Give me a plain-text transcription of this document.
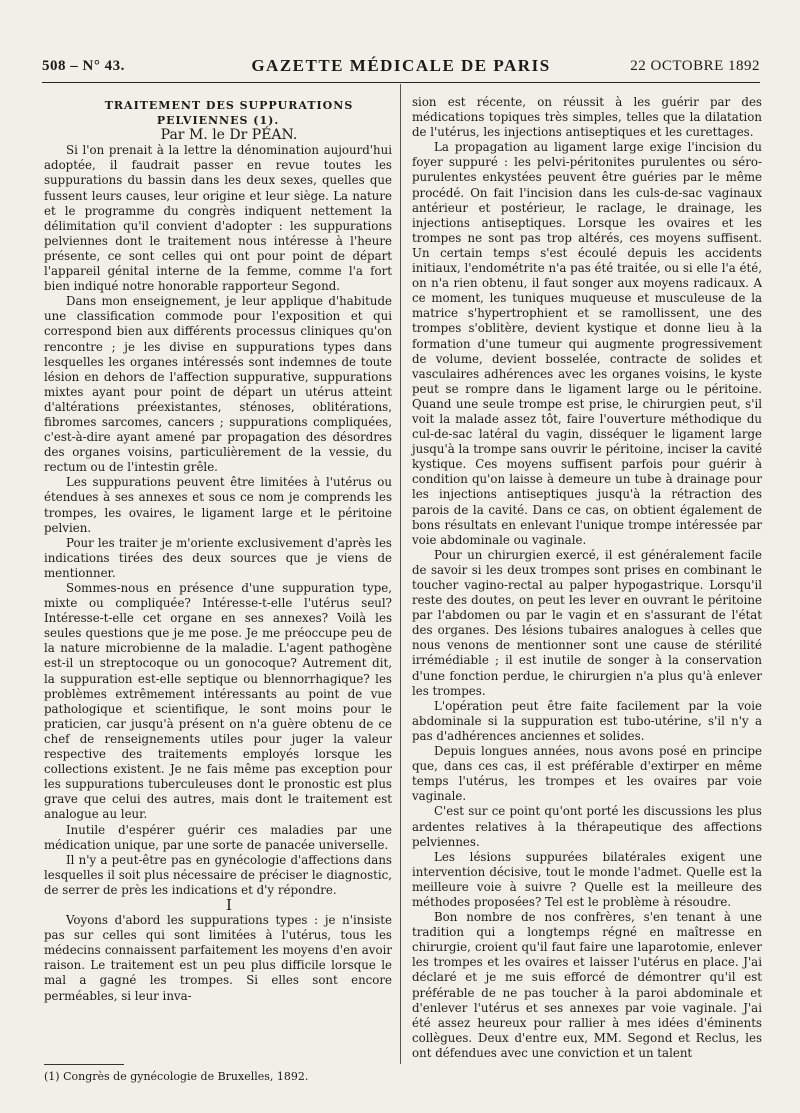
508 – N° 43.	GAZETTE MÉDICALE DE PARIS	22 OCTOBRE 1892

TRAITEMENT DES SUPPURATIONS PELVIENNES (1).

Par M. le Dr PÉAN.

Si l'on prenait à la lettre la dénomination aujourd'hui adoptée, il faudrait passer en revue toutes les suppurations du bassin dans les deux sexes, quelles que fussent leurs causes, leur origine et leur siège. La nature et le programme du congrès indiquent nettement la délimitation qu'il convient d'adopter : les suppurations pelviennes dont le traitement nous intéresse à l'heure présente, ce sont celles qui ont pour point de départ l'appareil génital interne de la femme, comme l'a fort bien indiqué notre honorable rapporteur Segond.

Dans mon enseignement, je leur applique d'habitude une classification commode pour l'exposition et qui correspond bien aux différents processus cliniques qu'on rencontre ; je les divise en suppurations types dans lesquelles les organes intéressés sont indemnes de toute lésion en dehors de l'affection suppurative, suppurations mixtes ayant pour point de départ un utérus atteint d'altérations préexistantes, sténoses, oblitérations, fibromes sarcomes, cancers ; suppurations compliquées, c'est-à-dire ayant amené par propagation des désordres des organes voisins, particulièrement de la vessie, du rectum ou de l'intestin grêle.

Les suppurations peuvent être limitées à l'utérus ou étendues à ses annexes et sous ce nom je comprends les trompes, les ovaires, le ligament large et le péritoine pelvien.

Pour les traiter je m'oriente exclusivement d'après les indications tirées des deux sources que je viens de mentionner.

Sommes-nous en présence d'une suppuration type, mixte ou compliquée? Intéresse-t-elle l'utérus seul? Intéresse-t-elle cet organe en ses annexes? Voilà les seules questions que je me pose. Je me préoccupe peu de la nature microbienne de la maladie. L'agent pathogène est-il un streptocoque ou un gonocoque? Autrement dit, la suppuration est-elle septique ou blennorrhagique? les problèmes extrêmement intéressants au point de vue pathologique et scientifique, le sont moins pour le praticien, car jusqu'à présent on n'a guère obtenu de ce chef de renseignements utiles pour juger la valeur respective des traitements employés lorsque les collections existent. Je ne fais même pas exception pour les suppurations tuberculeuses dont le pronostic est plus grave que celui des autres, mais dont le traitement est analogue au leur.

Inutile d'espérer guérir ces maladies par une médication unique, par une sorte de panacée universelle.

Il n'y a peut-être pas en gynécologie d'affections dans lesquelles il soit plus nécessaire de préciser le diagnostic, de serrer de près les indications et d'y répondre.

I

Voyons d'abord les suppurations types : je n'insiste pas sur celles qui sont limitées à l'utérus, tous les médecins connaissent parfaitement les moyens d'en avoir raison. Le traitement est un peu plus difficile lorsque le mal a gagné les trompes. Si elles sont encore perméables, si leur inva-

sion est récente, on réussit à les guérir par des médications topiques très simples, telles que la dilatation de l'utérus, les injections antiseptiques et les curettages.

La propagation au ligament large exige l'incision du foyer suppuré : les pelvi-péritonites purulentes ou séro-purulentes enkystées peuvent être guéries par le même procédé. On fait l'incision dans les culs-de-sac vaginaux antérieur et postérieur, le raclage, le drainage, les injections antiseptiques. Lorsque les ovaires et les trompes ne sont pas trop altérés, ces moyens suffisent. Un certain temps s'est écoulé depuis les accidents initiaux, l'endométrite n'a pas été traitée, ou si elle l'a été, on n'a rien obtenu, il faut songer aux moyens radicaux. A ce moment, les tuniques muqueuse et musculeuse de la matrice s'hypertrophient et se ramollissent, une des trompes s'oblitère, devient kystique et donne lieu à la formation d'une tumeur qui augmente progressivement de volume, devient bosselée, contracte de solides et vasculaires adhérences avec les organes voisins, le kyste peut se rompre dans le ligament large ou le péritoine. Quand une seule trompe est prise, le chirurgien peut, s'il voit la malade assez tôt, faire l'ouverture méthodique du cul-de-sac latéral du vagin, disséquer le ligament large jusqu'à la trompe sans ouvrir le péritoine, inciser la cavité kystique. Ces moyens suffisent parfois pour guérir à condition qu'on laisse à demeure un tube à drainage pour les injections antiseptiques jusqu'à la rétraction des parois de la cavité. Dans ce cas, on obtient également de bons résultats en enlevant l'unique trompe intéressée par voie abdominale ou vaginale.

Pour un chirurgien exercé, il est généralement facile de savoir si les deux trompes sont prises en combinant le toucher vagino-rectal au palper hypogastrique. Lorsqu'il reste des doutes, on peut les lever en ouvrant le péritoine par l'abdomen ou par le vagin et en s'assurant de l'état des organes. Des lésions tubaires analogues à celles que nous venons de mentionner sont une cause de stérilité irrémédiable ; il est inutile de songer à la conservation d'une fonction perdue, le chirurgien n'a plus qu'à enlever les trompes.

L'opération peut être faite facilement par la voie abdominale si la suppuration est tubo-utérine, s'il n'y a pas d'adhérences anciennes et solides.

Depuis longues années, nous avons posé en principe que, dans ces cas, il est préférable d'extirper en même temps l'utérus, les trompes et les ovaires par voie vaginale.

C'est sur ce point qu'ont porté les discussions les plus ardentes relatives à la thérapeutique des affections pelviennes.

Les lésions suppurées bilatérales exigent une intervention décisive, tout le monde l'admet. Quelle est la meilleure voie à suivre ? Quelle est la meilleure des méthodes proposées? Tel est le problème à résoudre.

Bon nombre de nos confrères, s'en tenant à une tradition qui a longtemps régné en maîtresse en chirurgie, croient qu'il faut faire une laparotomie, enlever les trompes et les ovaires et laisser l'utérus en place. J'ai déclaré et je me suis efforcé de démontrer qu'il est préférable de ne pas toucher à la paroi abdominale et d'enlever l'utérus et ses annexes par voie vaginale. J'ai été assez heureux pour rallier à mes idées d'éminents collègues. Deux d'entre eux, MM. Segond et Reclus, les ont défendues avec une conviction et un talent

(1) Congrès de gynécologie de Bruxelles, 1892.
